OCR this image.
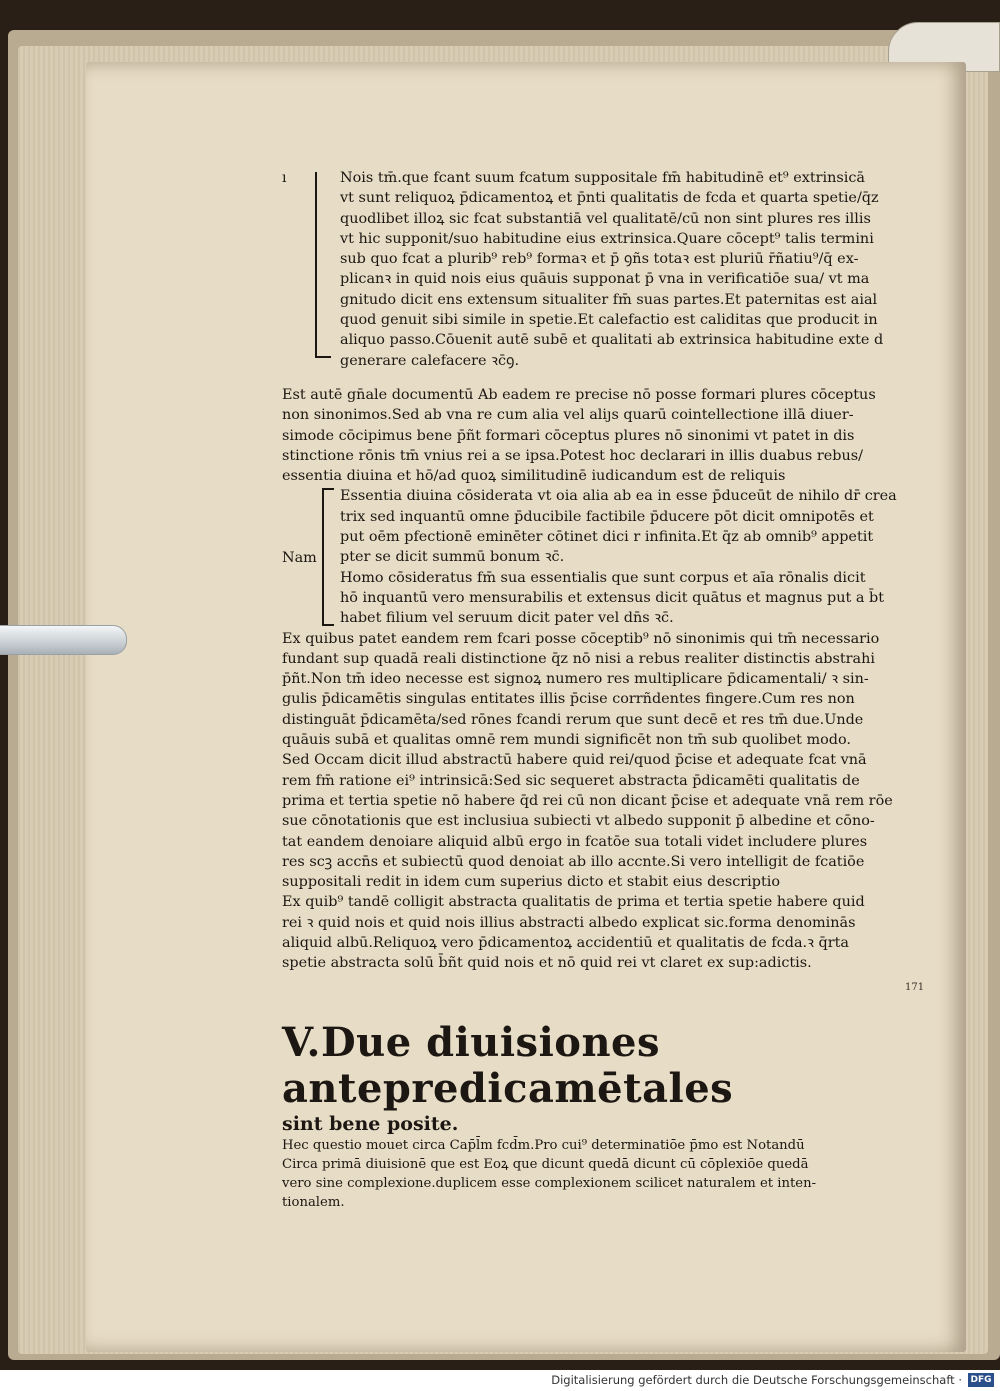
ı	Nois tm̄.que fcant suum fcatum suppositale fm̄ habitudinē et⁹ extrinsicā

vt sunt reliquoꝝ p̄dicamentoꝝ et p̄nti qualitatis de fcda et quarta spetie/q̄z

quodlibet illoꝝ sic fcat substantiā vel qualitatē/cū non sint plures res illis

vt hic supponit/suo habitudine eius extrinsica.Quare cōcept⁹ talis termini

sub quo fcat a plurib⁹ reb⁹ formaꝛ et p̄ ꝯñs totaꝛ est pluriū r̄ñatiu⁹/q̄ ex-

plicanꝛ in quid nois eius quāuis supponat p̄ vna in verificatiōe sua/ vt ma

gnitudo dicit ens extensum situaliter fm̄ suas partes.Et paternitas est aial

quod genuit sibi simile in spetie.Et calefactio est caliditas que producit in

aliquo passo.Cōuenit autē subē et qualitati ab extrinsica habitudine exte d

generare calefacere ꝛc̄ꝯ.

Est autē gn̄ale documentū Ab eadem re precise nō posse formari plures cōceptus

non sinonimos.Sed ab vna re cum alia vel aliȷs quarū cointellectione illā diuer-

simode cōcipimus bene p̄ñt formari cōceptus plures nō sinonimi vt patet in dis

stinctione rōnis tm̄ vnius rei a se ipsa.Potest hoc declarari in illis duabus rebus/

essentia diuina et hō/ad quoꝝ similitudinē iudicandum est de reliquis

Nam

Essentia diuina cōsiderata vt oia alia ab ea in esse p̄duceūt de nihilo dr̄ crea

trix sed inquantū omne p̄ducibile factibile p̄ducere pōt dicit omnipotēs et

put oēm pfectionē eminēter cōtinet dici r infinita.Et q̄z ab omnib⁹ appetit

pter se dicit summū bonum ꝛc̄.

Homo cōsideratus fm̄ sua essentialis que sunt corpus et aīa rōnalis dicit

hō inquantū vero mensurabilis et extensus dicit quātus et magnus put a b̄t

habet filium vel seruum dicit pater vel dn̄s ꝛc̄.

Ex quibus patet eandem rem fcari posse cōceptib⁹ nō sinonimis qui tm̄ necessario

fundant sup quadā reali distinctione q̄z nō nisi a rebus realiter distinctis abstrahi

p̄ñt.Non tm̄ ideo necesse est signoꝝ numero res multiplicare p̄dicamentali/ ꝛ sin-

gulis p̄dicamētis singulas entitates illis p̄cise corrñdentes fingere.Cum res non

distinguāt p̄dicamēta/sed rōnes fcandi rerum que sunt decē et res tm̄ due.Unde

quāuis subā et qualitas omnē rem mundi significēt non tm̄ sub quolibet modo.

Sed Occam dicit illud abstractū habere quid rei/quod p̄cise et adequate fcat vnā

rem fm̄ ratione ei⁹ intrinsicā:Sed sic sequeret abstracta p̄dicamēti qualitatis de

prima et tertia spetie nō habere q̄d rei cū non dicant p̄cise et adequate vnā rem rōe

sue cōnotationis que est inclusiua subiecti vt albedo supponit p̄ albedine et cōno-

tat eandem denoiare aliquid albū ergo in fcatōe sua totali videt includere plures

res scꝫ accn̄s et subiectū quod denoiat ab illo accnte.Si vero intelligit de fcatiōe

suppositali redit in idem cum superius dicto et stabit eius descriptio

Ex quib⁹ tandē colligit abstracta qualitatis de prima et tertia spetie habere quid

rei ꝛ quid nois et quid nois illius abstracti albedo explicat sic.forma denominās

aliquid albū.Reliquoꝝ vero p̄dicamentoꝝ accidentiū et qualitatis de fcda.ꝛ q̄rta

spetie abstracta solū b̄ñt quid nois et nō quid rei vt claret ex sup:adictis.

V.Due diuisiones antepredicamētales

sint bene posite.

Hec questio mouet circa Cap̄l̄m fcd̄m.Pro cui⁹ determinatiōe p̄mo est Notandū

Circa primā diuisionē que est Eoꝝ que dicunt quedā dicunt cū cōplexiōe quedā

vero sine complexione.duplicem esse complexionem scilicet naturalem et inten-

tionalem.

171
Digitalisierung gefördert durch die Deutsche Forschungsgemeinschaft · DFG
